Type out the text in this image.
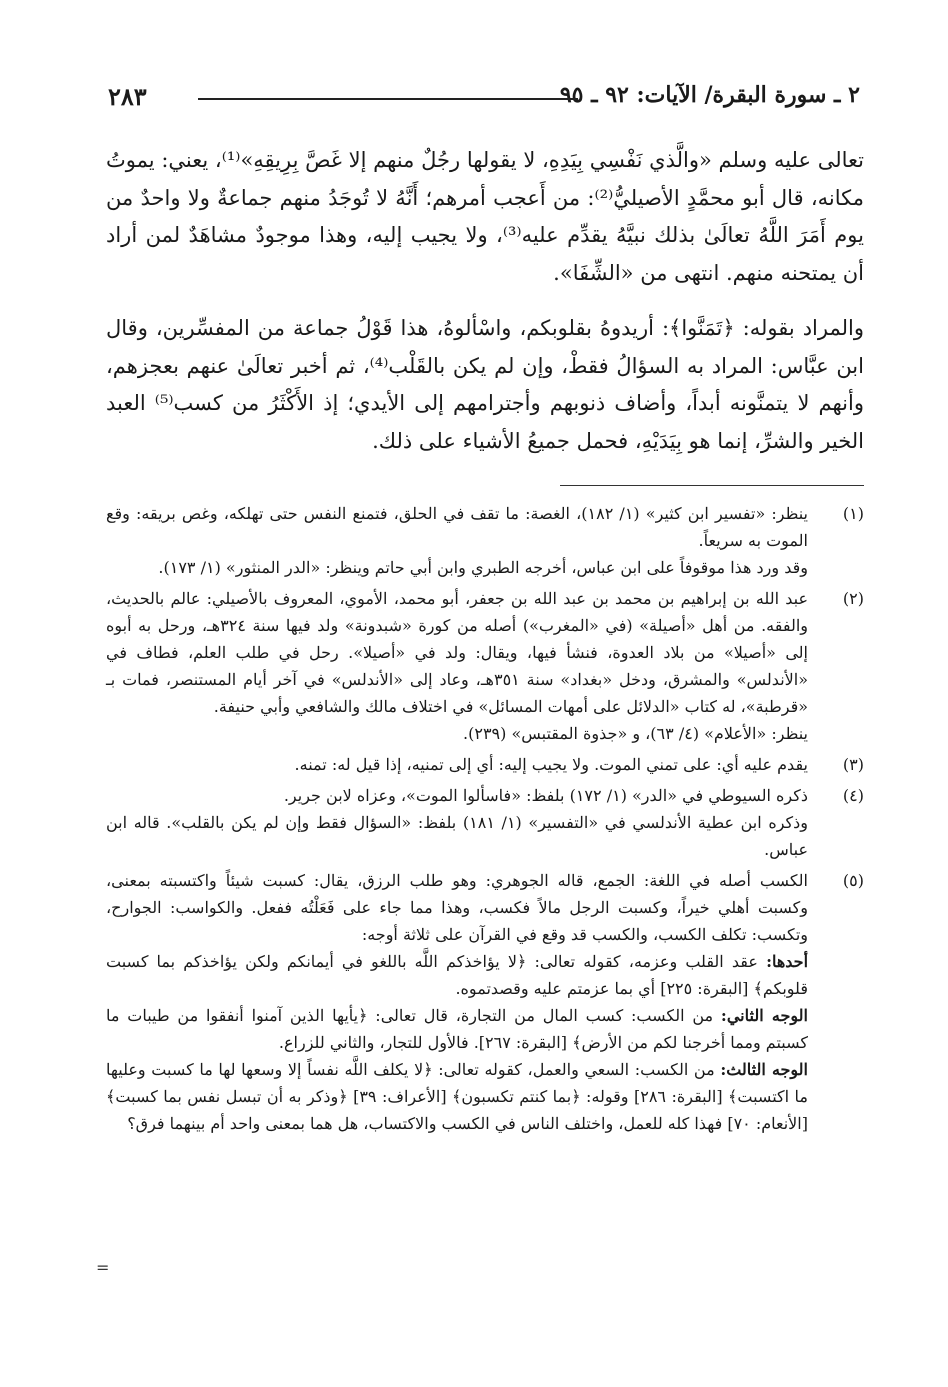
٢ ـ سورة البقرة/ الآيات: ٩٢ ـ ٩٥
٢٨٣

تعالى عليه وسلم «والَّذي نَفْسِي بِيَدِهِ، لا يقولها رجُلٌ منهم إلا غَصَّ بِرِيقِهِ»⁽¹⁾، يعني: يموتُ مكانه، قال أبو محمَّدٍ الأصيليُّ⁽²⁾: من أَعجب أمرهم؛ أَنَّهُ لا تُوجَدُ منهم جماعةٌ ولا واحدٌ من يوم أَمَرَ اللَّهُ تعالَىٰ بذلك نبيَّهُ يقدِّم عليه⁽³⁾، ولا يجيب إليه، وهذا موجودٌ مشاهَدٌ لمن أراد أن يمتحنه منهم. انتهى من «الشِّفَا».

والمراد بقوله: ﴿تَمَنَّوا﴾: أريدوهُ بقلوبكم، واسْألوهُ، هذا قَوْلُ جماعة من المفسِّرين، وقال ابن عبَّاس: المراد به السؤالُ فقطْ، وإن لم يكن بالقَلْب⁽⁴⁾، ثم أخبر تعالَىٰ عنهم بعجزهم، وأنهم لا يتمنَّونه أبداً، وأضاف ذنوبهم وأجترامهم إلى الأيدي؛ إذ الأَكْثَرُ من كسب⁽⁵⁾ العبد الخير والشرِّ، إنما هو بِيَدَيْهِ، فحمل جميعُ الأشياء على ذلك.

(١)
ينظر: «تفسير ابن كثير» (١/ ١٨٢)، الغصة: ما تقف في الحلق، فتمنع النفس حتى تهلكه، وغص بريقه: وقع الموت به سريعاً.
وقد ورد هذا موقوفاً على ابن عباس، أخرجه الطبري وابن أبي حاتم وينظر: «الدر المنثور» (١/ ١٧٣).
(٢)
عبد الله بن إبراهيم بن محمد بن عبد الله بن جعفر، أبو محمد، الأموي، المعروف بالأصيلي: عالم بالحديث، والفقه. من أهل «أصيلة» (في «المغرب») أصله من كورة «شبدونة» ولد فيها سنة ٣٢٤هـ، ورحل به أبوه إلى «أصيلا» من بلاد العدوة، فنشأ فيها، ويقال: ولد في «أصيلا». رحل في طلب العلم، فطاف في «الأندلس» والمشرق، ودخل «بغداد» سنة ٣٥١هـ، وعاد إلى «الأندلس» في آخر أيام المستنصر، فمات بـ «قرطبة»، له كتاب «الدلائل على أمهات المسائل» في اختلاف مالك والشافعي وأبي حنيفة.
ينظر: «الأعلام» (٤/ ٦٣)، و «جذوة المقتبس» (٢٣٩).
(٣)
يقدم عليه أي: على تمني الموت. ولا يجيب إليه: أي إلى تمنيه، إذا قيل له: تمنه.
(٤)
ذكره السيوطي في «الدر» (١/ ١٧٢) بلفظ: «فاسألوا الموت»، وعزاه لابن جرير.
وذكره ابن عطية الأندلسي في «التفسير» (١/ ١٨١) بلفظ: «السؤال فقط وإن لم يكن بالقلب». قاله ابن عباس.
(٥)
الكسب أصله في اللغة: الجمع، قاله الجوهري: وهو طلب الرزق، يقال: كسبت شيئاً واكتسبته بمعنى، وكسبت أهلي خيراً، وكسبت الرجل مالاً فكسب، وهذا مما جاء على فَعَلْتُه ففعل. والكواسب: الجوارح، وتكسب: تكلف الكسب، والكسب قد وقع في القرآن على ثلاثة أوجه:
أحدها: عقد القلب وعزمه، كقوله تعالى: ﴿لا يؤاخذكم اللَّه باللغو في أيمانكم ولكن يؤاخذكم بما كسبت قلوبكم﴾ [البقرة: ٢٢٥] أي بما عزمتم عليه وقصدتموه.
الوجه الثاني: من الكسب: كسب المال من التجارة، قال تعالى: ﴿يأيها الذين آمنوا أنفقوا من طيبات ما كسبتم ومما أخرجنا لكم من الأرض﴾ [البقرة: ٢٦٧]. فالأول للتجار، والثاني للزراع.
الوجه الثالث: من الكسب: السعي والعمل، كقوله تعالى: ﴿لا يكلف اللَّه نفساً إلا وسعها لها ما كسبت وعليها ما اكتسبت﴾ [البقرة: ٢٨٦] وقوله: ﴿بما كنتم تكسبون﴾ [الأعراف: ٣٩] ﴿وذكر به أن تبسل نفس بما كسبت﴾ [الأنعام: ٧٠] فهذا كله للعمل، واختلف الناس في الكسب والاكتساب، هل هما بمعنى واحد أم بينهما فرق؟
=
